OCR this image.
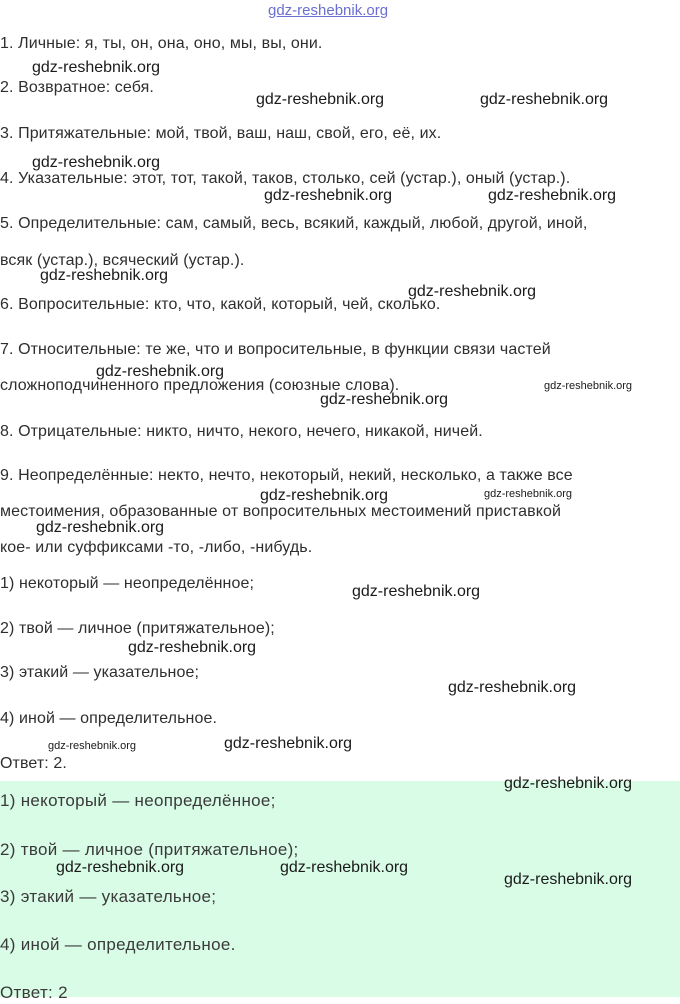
gdz-reshebnik.org
1. Личные: я, ты, он, она, оно, мы, вы, они.
2. Возвратное: себя.
3. Притяжательные: мой, твой, ваш, наш, свой, его, её, их.
4. Указательные: этот, тот, такой, таков, столько, сей (устар.), оный (устар.).
5. Определительные: сам, самый, весь, всякий, каждый, любой, другой, иной,
всяк (устар.), всяческий (устар.).
6. Вопросительные: кто, что, какой, который, чей, сколько.
7. Относительные: те же, что и вопросительные, в функции связи частей
сложноподчиненного предложения (союзные слова).
8. Отрицательные: никто, ничто, некого, нечего, никакой, ничей.
9. Неопределённые: некто, нечто, некоторый, некий, несколько, а также все
местоимения, образованные от вопросительных местоимений приставкой
кое- или суффиксами -то, -либо, -нибудь.
1) некоторый — неопределённое;
2) твой — личное (притяжательное);
3) этакий — указательное;
4) иной — определительное.
Ответ: 2.
1) некоторый — неопределённое;
2) твой — личное (притяжательное);
3) этакий — указательное;
4) иной — определительное.
Ответ: 2
gdz-reshebnik.org
gdz-reshebnik.org	gdz-reshebnik.org
gdz-reshebnik.org
gdz-reshebnik.org	gdz-reshebnik.org
gdz-reshebnik.org
gdz-reshebnik.org
gdz-reshebnik.org
gdz-reshebnik.org
gdz-reshebnik.org
gdz-reshebnik.org	gdz-reshebnik.org
gdz-reshebnik.org
gdz-reshebnik.org
gdz-reshebnik.org
gdz-reshebnik.org
gdz-reshebnik.org	gdz-reshebnik.org
gdz-reshebnik.org
gdz-reshebnik.org	gdz-reshebnik.org
gdz-reshebnik.org
